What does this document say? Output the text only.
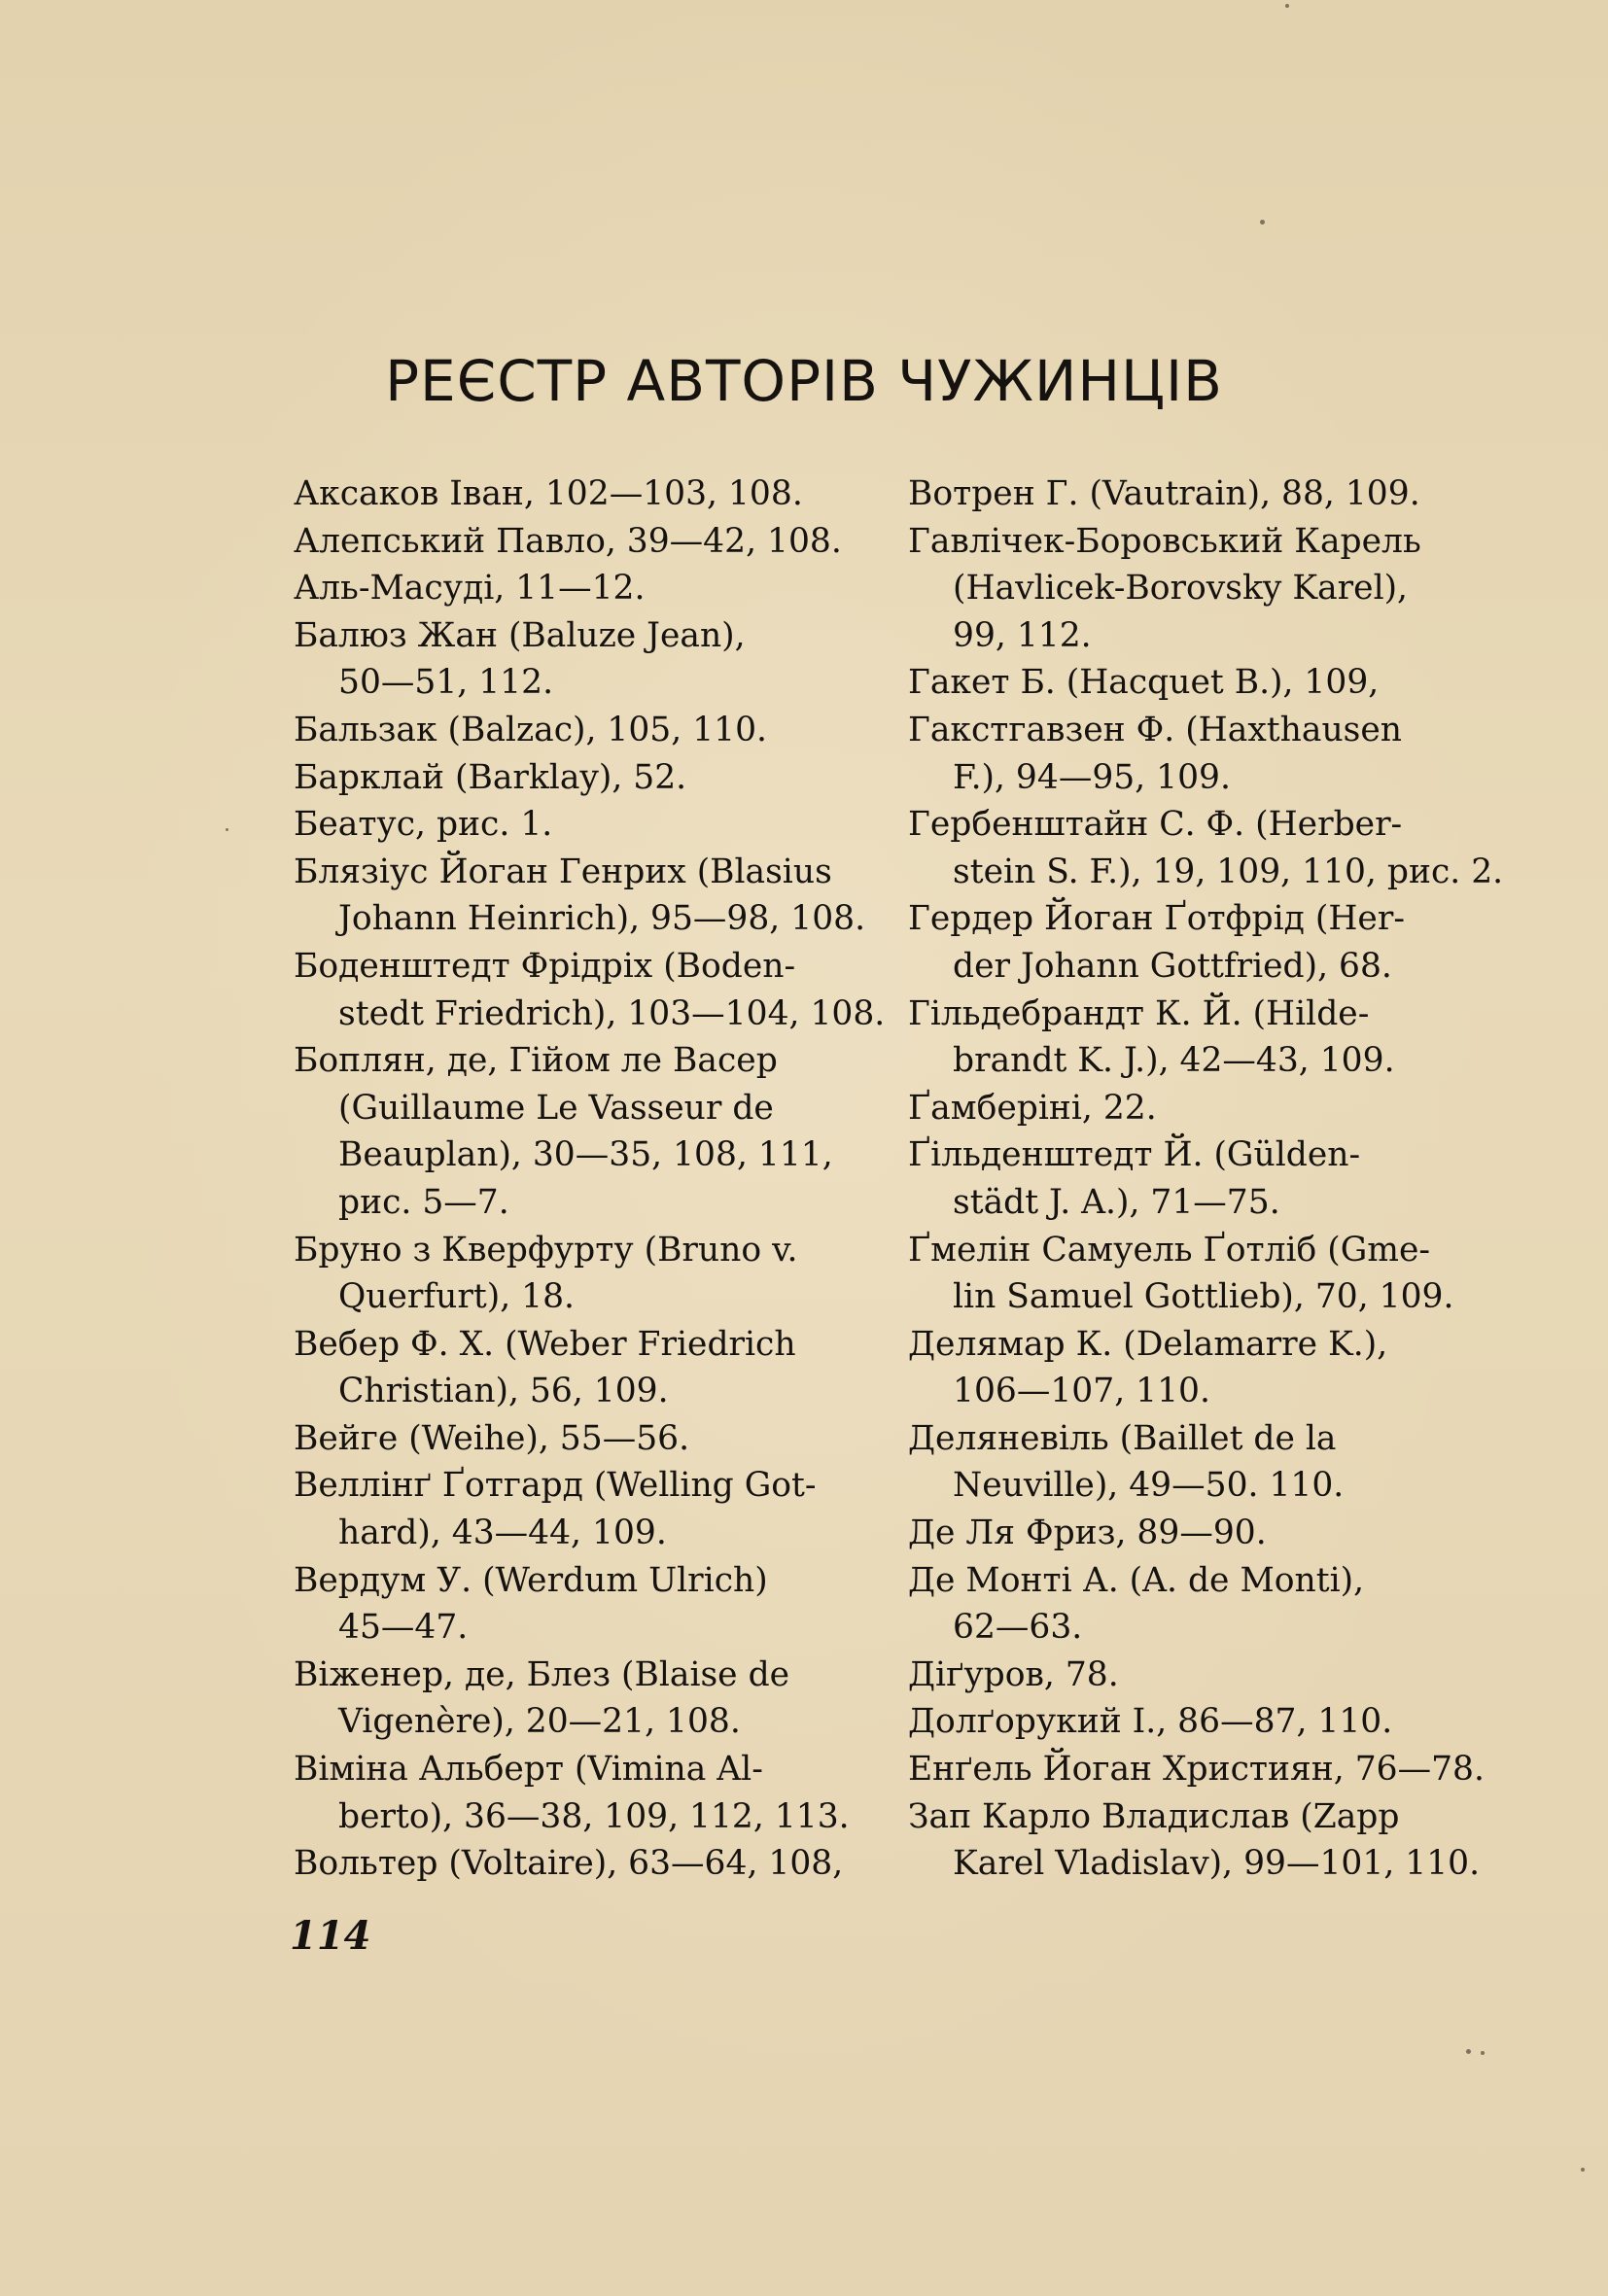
РЕЄСТР АВТОРІВ ЧУЖИНЦІВ
Аксаков Іван, 102—103, 108.
Алепський Павло, 39—42, 108.
Аль-Масуді, 11—12.
Балюз Жан (Baluze Jean),
50—51, 112.
Бальзак (Balzac), 105, 110.
Барклай (Barklay), 52.
Беатус, рис. 1.
Блязіус Йоган Генрих (Blasius
Johann Heinrich), 95—98, 108.
Боденштедт Фрідріх (Boden-
stedt Friedrich), 103—104, 108.
Боплян, де, Гійом ле Васер
(Guillaume Le Vasseur de
Beauplan), 30—35, 108, 111,
рис. 5—7.
Бруно з Кверфурту (Bruno v.
Querfurt), 18.
Вебер Ф. Х. (Weber Friedrich
Christian), 56, 109.
Вейге (Weihe), 55—56.
Веллінґ Ґотгард (Welling Got-
hard), 43—44, 109.
Вердум У. (Werdum Ulrich)
45—47.
Віженер, де, Блез (Blaise de
Vigenère), 20—21, 108.
Віміна Альберт (Vimina Al-
berto), 36—38, 109, 112, 113.
Вольтер (Voltaire), 63—64, 108,
Вотрен Г. (Vautrain), 88, 109.
Гавлічек-Боровський Карель
(Havlicek-Borovsky Karel),
99, 112.
Гакет Б. (Hacquet B.), 109,
Гакстгавзен Ф. (Haxthausen
F.), 94—95, 109.
Гербенштайн С. Ф. (Herber-
stein S. F.), 19, 109, 110, рис. 2.
Гердер Йоган Ґотфрід (Her-
der Johann Gottfried), 68.
Гільдебрандт К. Й. (Hilde-
brandt K. J.), 42—43, 109.
Ґамберіні, 22.
Ґільденштедт Й. (Gülden-
städt J. A.), 71—75.
Ґмелін Самуель Ґотліб (Gme-
lin Samuel Gottlieb), 70, 109.
Делямар К. (Delamarre K.),
106—107, 110.
Деляневіль (Baillet de la
Neuville), 49—50. 110.
Де Ля Фриз, 89—90.
Де Монті А. (A. de Monti),
62—63.
Діґуров, 78.
Долґорукий І., 86—87, 110.
Енґель Йоган Християн, 76—78.
Зап Карло Владислав (Zapp
Karel Vladislav), 99—101, 110.
114
